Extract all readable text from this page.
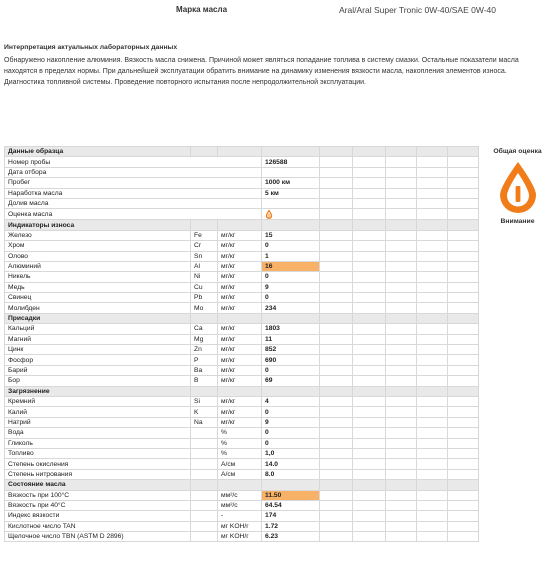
Марка масла	Aral/Aral Super Tronic 0W-40/SAE 0W-40
Интерпретация актуальных лабораторных данных

Обнаружено накопление алюминия. Вязкость масла снижена. Причиной может являться попадание топлива в систему смазки. Остальные показатели масла находятся в пределах нормы. При дальнейшей эксплуатации обратить внимание на динамику изменения вязкости масла, накопления элементов износа. Диагностика топливной системы. Проведение повторного испытания после непродолжительной эксплуатации.

Данные образца								
Номер пробы			126588					
Дата отбора								
Пробег			1000 км					
Наработка масла			5 км					
Долив масла								
Оценка масла						
Индикаторы износа								
Железо	Fe	мг/кг	15					
Хром	Cr	мг/кг	0					
Олово	Sn	мг/кг	1					
Алюминий	Al	мг/кг	16					
Никель	Ni	мг/кг	0					
Медь	Cu	мг/кг	9					
Свинец	Pb	мг/кг	0					
Молибден	Mo	мг/кг	234					
Присадки								
Кальций	Ca	мг/кг	1803					
Магний	Mg	мг/кг	11					
Цинк	Zn	мг/кг	852					
Фосфор	P	мг/кг	690					
Барий	Ba	мг/кг	0					
Бор	B	мг/кг	69					
Загрязнение								
Кремний	Si	мг/кг	4					
Калий	K	мг/кг	0					
Натрий	Na	мг/кг	9					
Вода		%	0					
Гликоль		%	0					
Топливо		%	1,0					
Степень окисления		A/см	14.0					
Степень нитрования		A/см	8.0					
Состояние масла								
Вязкость при 100°С		мм²/с	11.50					
Вязкость при 40°С		мм²/с	64.54					
Индекс вязкости		-	174					
Кислотное число TAN		мг KOH/г	1.72					
Щелочное число TBN (ASTM D 2896)		мг KOH/г	6.23					
Общая оценка
Внимание
